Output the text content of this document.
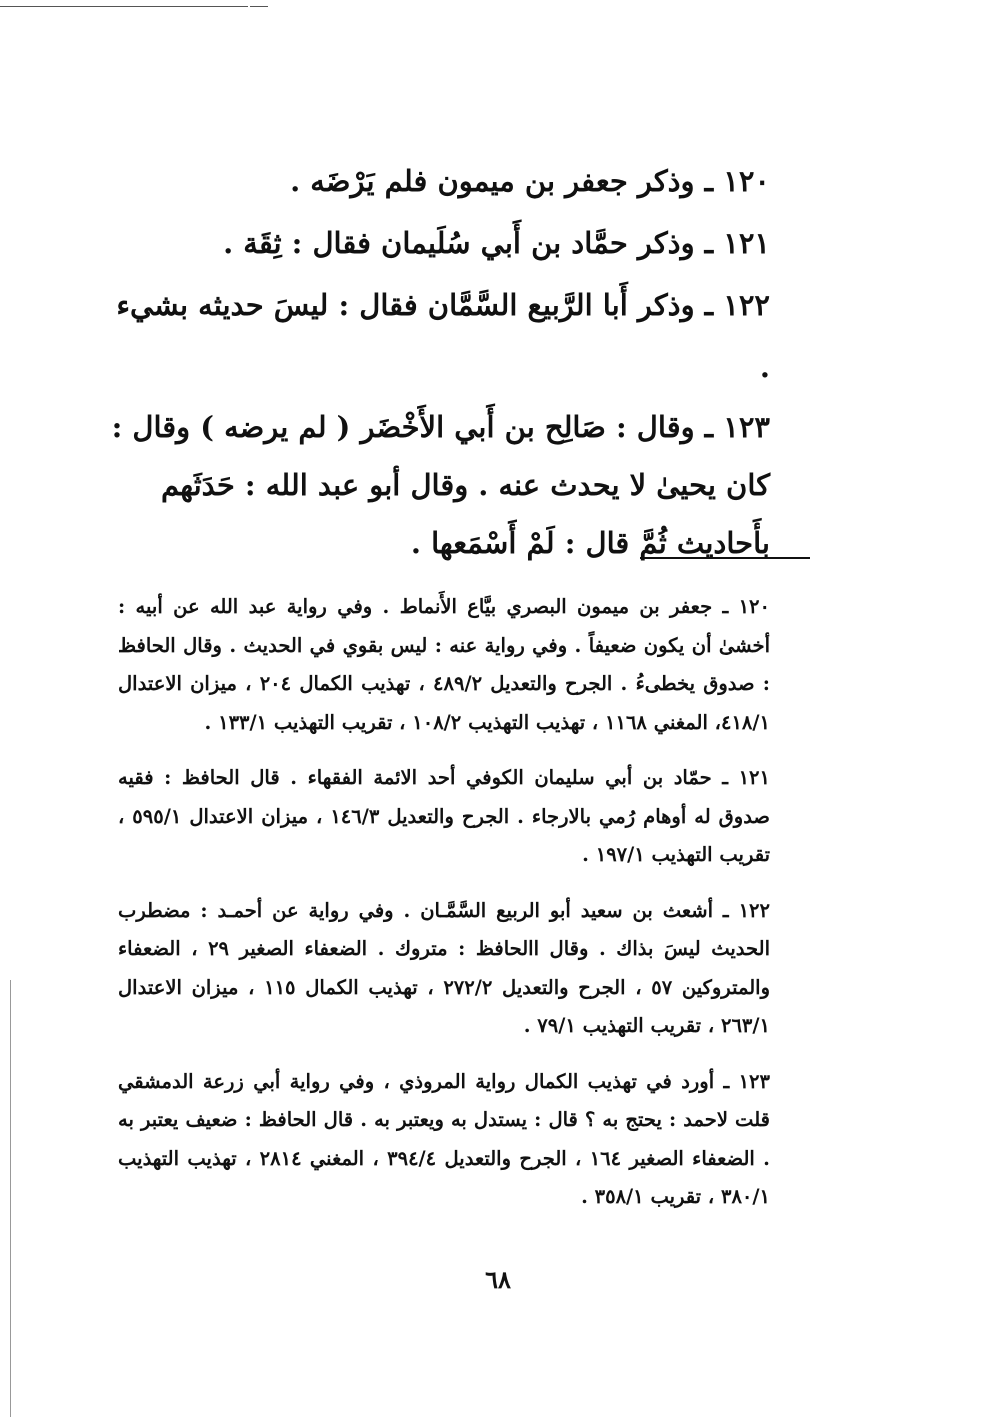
١٢٠ ـ وذكر جعفر بن ميمون فلم يَرْضَه .

١٢١ ـ وذكر حمَّاد بن أَبي سُلَيمان فقال : ثِقَة .

١٢٢ ـ وذكر أَبا الرَّبيع السَّمَّان فقال : ليسَ حديثه بشيء .

١٢٣ ـ وقال : صَالِح بن أَبي الأَخْضَر ( لم يرضه ) وقال : كان يحيىٰ لا يحدث عنه . وقال أبو عبد الله : حَدَثَهم بأَحاديث ثُمَّ قال : لَمْ أَسْمَعها .

١٢٠ ـ جعفر بن ميمون البصري بيَّاع الأَنماط . وفي رواية عبد الله عن أبيه : أخشىٰ أن يكون ضعيفاً . وفي رواية عنه : ليس بقوي في الحديث . وقال الحافظ : صدوق يخطىءُ . الجرح والتعديل ٤٨٩/٢ ، تهذيب الكمال ٢٠٤ ، ميزان الاعتدال ٤١٨/١، المغني ١١٦٨ ، تهذيب التهذيب ١٠٨/٢ ، تقريب التهذيب ١٣٣/١ .

١٢١ ـ حمّاد بن أبي سليمان الكوفي أحد الائمة الفقهاء . قال الحافظ : فقيه صدوق له أوهام رُمي بالارجاء . الجرح والتعديل ١٤٦/٣ ، ميزان الاعتدال ٥٩٥/١ ، تقريب التهذيب ١٩٧/١ .

١٢٢ ـ أشعث بن سعيد أبو الربيع السَّمَّـان . وفي رواية عن أحمـد : مضطرب الحديث ليسَ بذاك . وقال االحافظ : متروك . الضعفاء الصغير ٢٩ ، الضعفاء والمتروكين ٥٧ ، الجرح والتعديل ٢٧٢/٢ ، تهذيب الكمال ١١٥ ، ميزان الاعتدال ٢٦٣/١ ، تقريب التهذيب ٧٩/١ .

١٢٣ ـ أورد في تهذيب الكمال رواية المروذي ، وفي رواية أبي زرعة الدمشقي قلت لاحمد : يحتج به ؟ قال : يستدل به ويعتبر به . قال الحافظ : ضعيف يعتبر به . الضعفاء الصغير ١٦٤ ، الجرح والتعديل ٣٩٤/٤ ، المغني ٢٨١٤ ، تهذيب التهذيب ٣٨٠/١ ، تقريب ٣٥٨/١ .

٦٨
